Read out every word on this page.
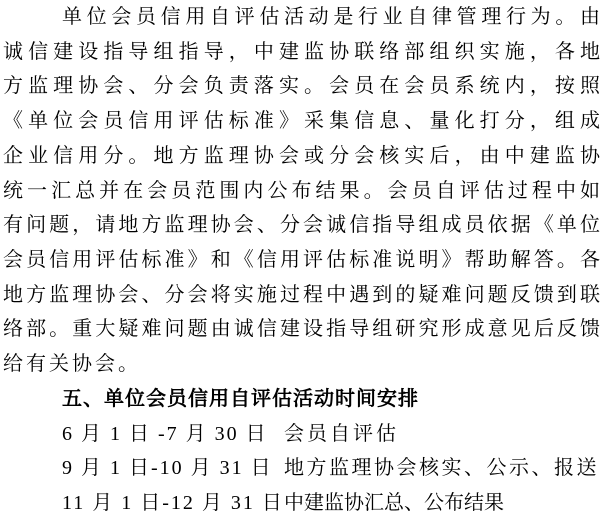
单位会员信用自评估活动是行业自律管理行为。由
诚信建设指导组指导，中建监协联络部组织实施，各地
方监理协会、分会负责落实。会员在会员系统内，按照
《单位会员信用评估标准》采集信息、量化打分，组成
企业信用分。地方监理协会或分会核实后，由中建监协
统一汇总并在会员范围内公布结果。会员自评估过程中如
有问题，请地方监理协会、分会诚信指导组成员依据《单位
会员信用评估标准》和《信用评估标准说明》帮助解答。各
地方监理协会、分会将实施过程中遇到的疑难问题反馈到联
络部。重大疑难问题由诚信建设指导组研究形成意见后反馈
给有关协会。
五、单位会员信用自评估活动时间安排
6 月 1 日 -7 月 30 日 会员自评估
9 月 1 日-10 月 31 日 地方监理协会核实、公示、报送
11 月 1 日-12 月 31 日中建监协汇总、公布结果
